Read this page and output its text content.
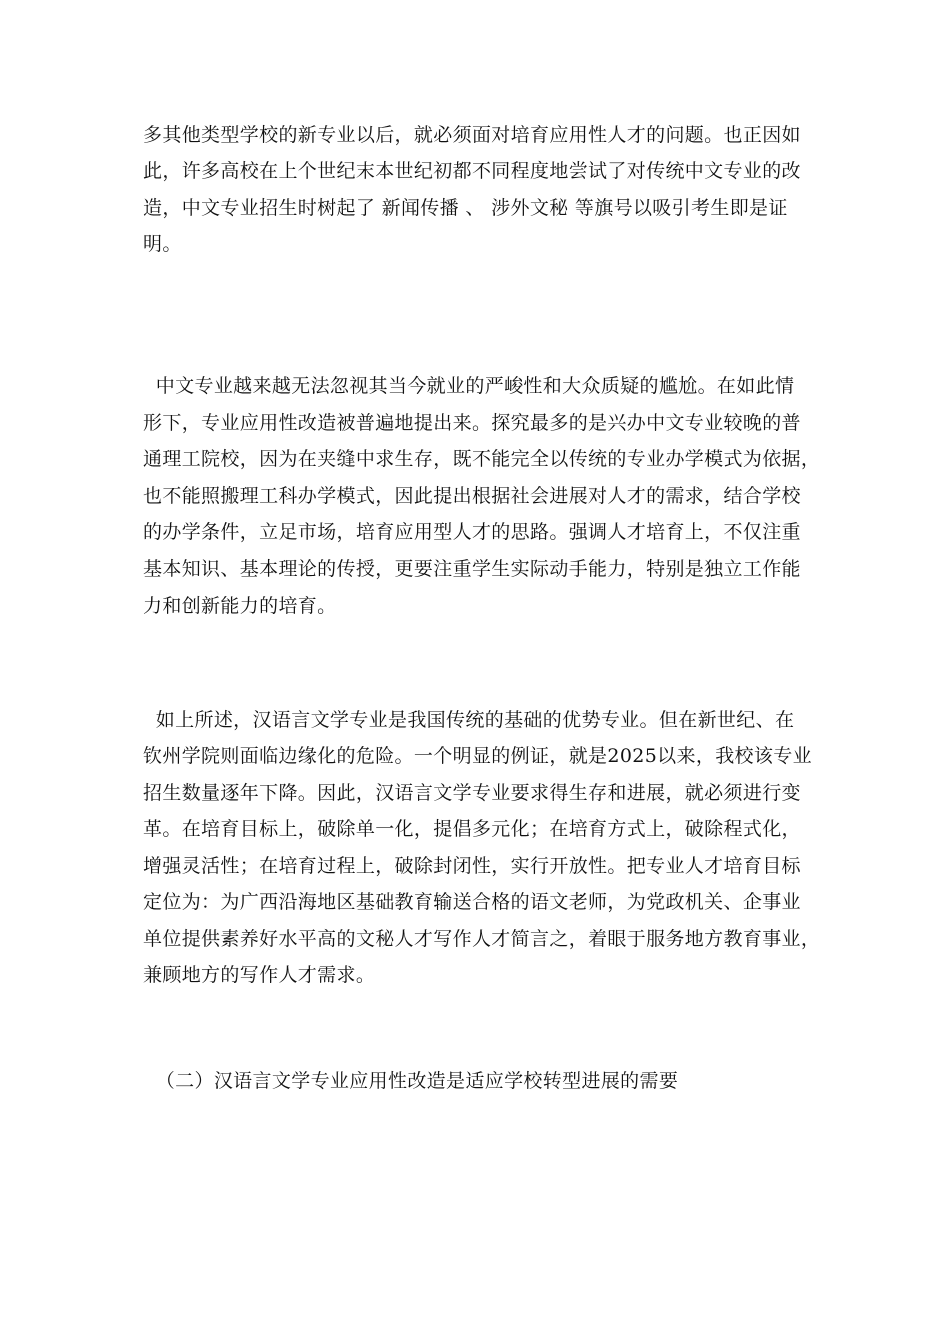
多其他类型学校的新专业以后，就必须面对培育应用性人才的问题。也正因如
此，许多高校在上个世纪末本世纪初都不同程度地尝试了对传统中文专业的改
造，中文专业招生时树起了 新闻传播 、 涉外文秘 等旗号以吸引考生即是证
明。
中文专业越来越无法忽视其当今就业的严峻性和大众质疑的尴尬。在如此情
形下，专业应用性改造被普遍地提出来。探究最多的是兴办中文专业较晚的普
通理工院校，因为在夹缝中求生存，既不能完全以传统的专业办学模式为依据，
也不能照搬理工科办学模式，因此提出根据社会进展对人才的需求，结合学校
的办学条件，立足市场，培育应用型人才的思路。强调人才培育上，不仅注重
基本知识、基本理论的传授，更要注重学生实际动手能力，特别是独立工作能
力和创新能力的培育。
如上所述，汉语言文学专业是我国传统的基础的优势专业。但在新世纪、在
钦州学院则面临边缘化的危险。一个明显的例证，就是2025以来，我校该专业
招生数量逐年下降。因此，汉语言文学专业要求得生存和进展，就必须进行变
革。在培育目标上，破除单一化，提倡多元化；在培育方式上，破除程式化，
增强灵活性；在培育过程上，破除封闭性，实行开放性。把专业人才培育目标
定位为：为广西沿海地区基础教育输送合格的语文老师，为党政机关、企事业
单位提供素养好水平高的文秘人才写作人才简言之，着眼于服务地方教育事业，
兼顾地方的写作人才需求。
（二）汉语言文学专业应用性改造是适应学校转型进展的需要
